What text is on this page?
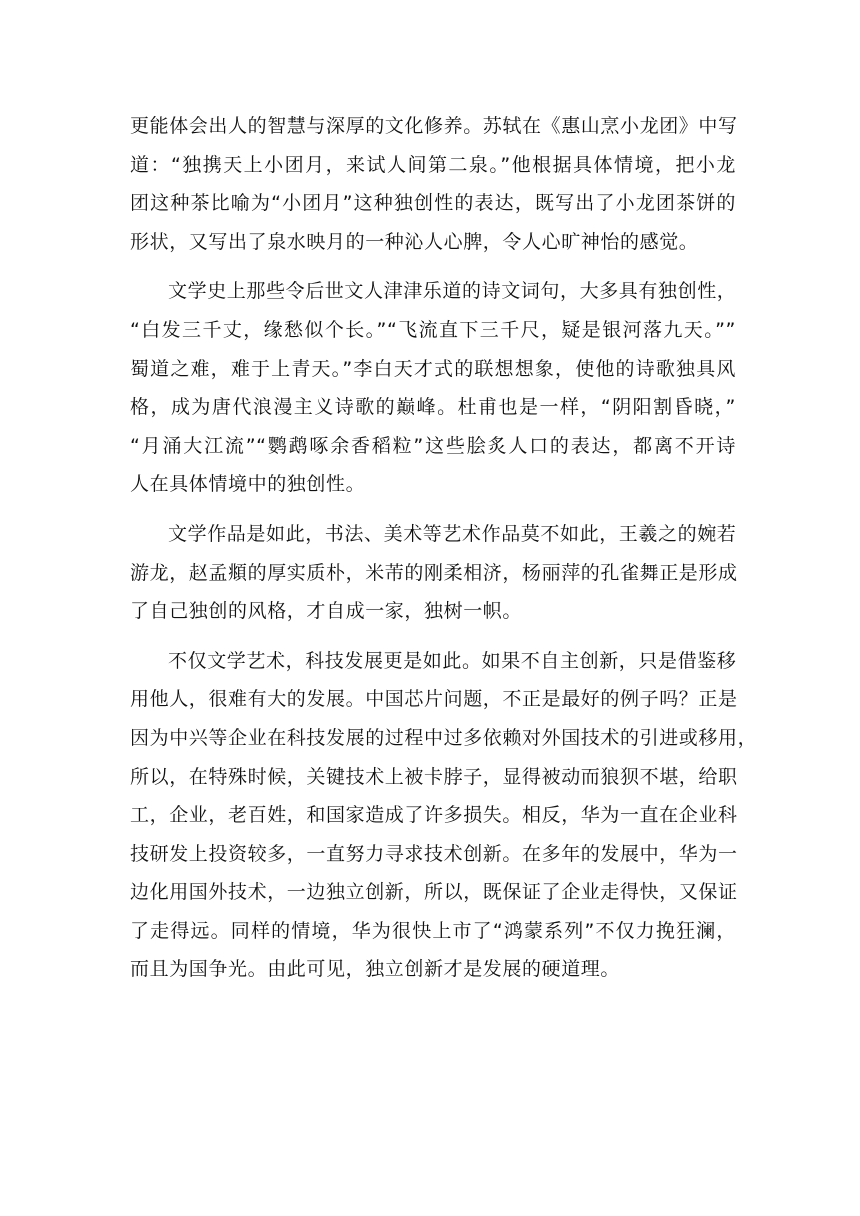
更能体会出人的智慧与深厚的文化修养。苏轼在《惠山烹小龙团》中写
道：“独携天上小团月，来试人间第二泉。”他根据具体情境，把小龙
团这种茶比喻为“小团月”这种独创性的表达，既写出了小龙团茶饼的
形状，又写出了泉水映月的一种沁人心脾，令人心旷神怡的感觉。
文学史上那些令后世文人津津乐道的诗文词句，大多具有独创性，
“白发三千丈，缘愁似个长。”“飞流直下三千尺，疑是银河落九天。””
蜀道之难，难于上青天。”李白天才式的联想想象，使他的诗歌独具风
格，成为唐代浪漫主义诗歌的巅峰。杜甫也是一样，“阴阳割昏晓，”
“月涌大江流”“鹦鹉啄余香稻粒”这些脍炙人口的表达，都离不开诗
人在具体情境中的独创性。
文学作品是如此，书法、美术等艺术作品莫不如此，王羲之的婉若
游龙，赵孟頫的厚实质朴，米芾的刚柔相济，杨丽萍的孔雀舞正是形成
了自己独创的风格，才自成一家，独树一帜。
不仅文学艺术，科技发展更是如此。如果不自主创新，只是借鉴移
用他人，很难有大的发展。中国芯片问题，不正是最好的例子吗？正是
因为中兴等企业在科技发展的过程中过多依赖对外国技术的引进或移用，
所以，在特殊时候，关键技术上被卡脖子，显得被动而狼狈不堪，给职
工，企业，老百姓，和国家造成了许多损失。相反，华为一直在企业科
技研发上投资较多，一直努力寻求技术创新。在多年的发展中，华为一
边化用国外技术，一边独立创新，所以，既保证了企业走得快，又保证
了走得远。同样的情境，华为很快上市了“鸿蒙系列”不仅力挽狂澜，
而且为国争光。由此可见，独立创新才是发展的硬道理。
